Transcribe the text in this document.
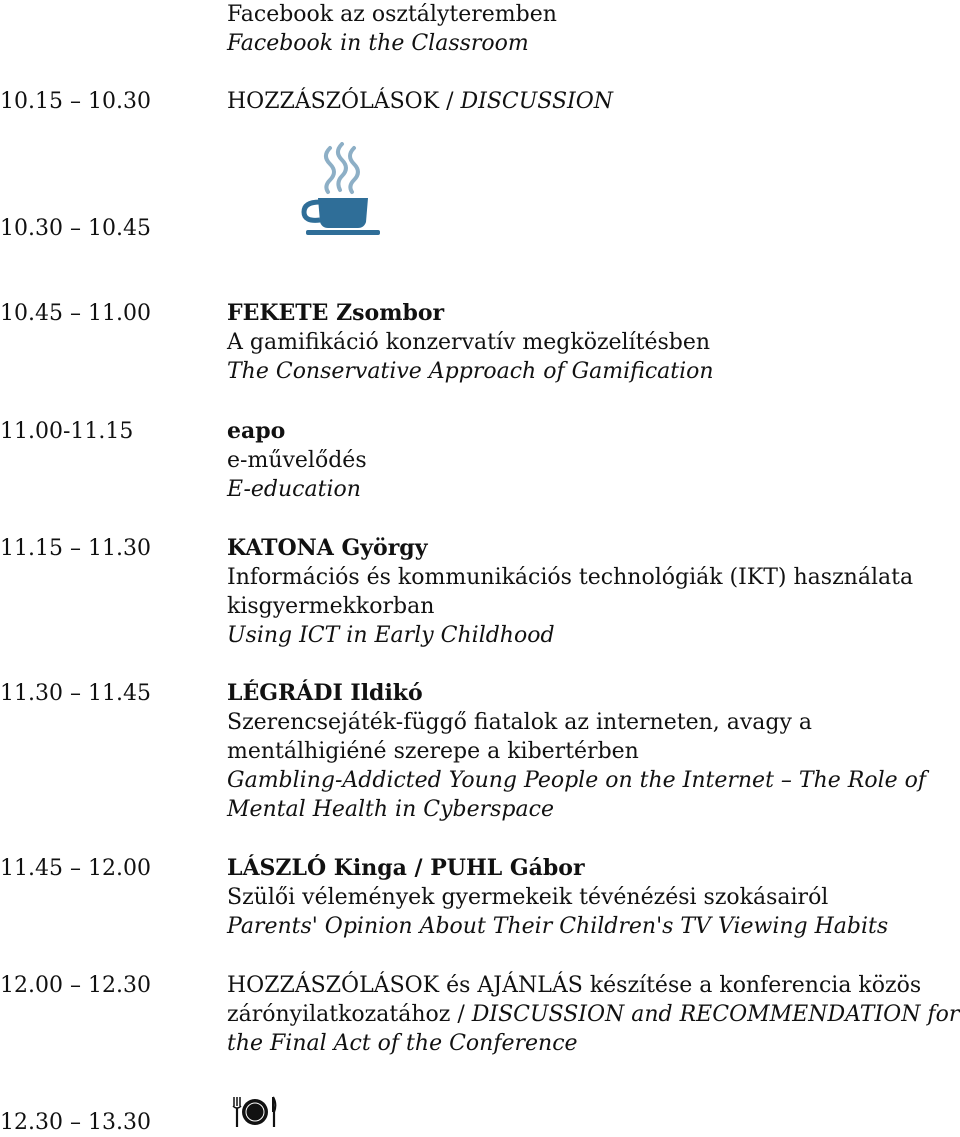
Facebook az osztályteremben
Facebook in the Classroom
10.15 – 10.30	HOZZÁSZÓLÁSOK / DISCUSSION
10.30 – 10.45
10.45 – 11.00	FEKETE Zsombor
A gamifikáció konzervatív megközelítésben
The Conservative Approach of Gamification
11.00-11.15	eapo
e-művelődés
E-education
11.15 – 11.30	KATONA György
Információs és kommunikációs technológiák (IKT) használata kisgyermekkorban
Using ICT in Early Childhood
11.30 – 11.45	LÉGRÁDI Ildikó
Szerencsejáték-függő fiatalok az interneten, avagy a mentálhigiéné szerepe a kibertérben
Gambling-Addicted Young People on the Internet – The Role of Mental Health in Cyberspace
11.45 – 12.00	LÁSZLÓ Kinga / PUHL Gábor
Szülői vélemények gyermekeik tévénézési szokásairól
Parents' Opinion About Their Children's TV Viewing Habits
12.00 – 12.30	HOZZÁSZÓLÁSOK és AJÁNLÁS készítése a konferencia közös zárónyilatkozatához / DISCUSSION and RECOMMENDATION for the Final Act of the Conference
12.30 – 13.30
